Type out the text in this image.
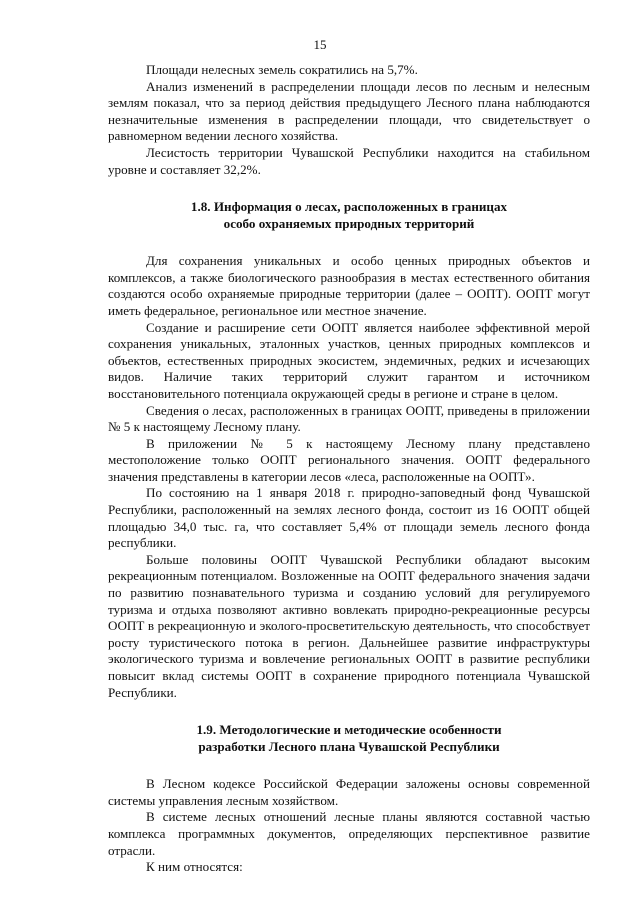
15

Площади нелесных земель сократились на 5,7%.

Анализ изменений в распределении площади лесов по лесным и нелесным землям показал, что за период действия предыдущего Лесного плана наблюдаются незначительные изменения в распределении площади, что свидетельствует о равномерном ведении лесного хозяйства.

Лесистость территории Чувашской Республики находится на стабильном уровне и составляет 32,2%.

1.8. Информация о лесах, расположенных в границах
особо охраняемых природных территорий

Для сохранения уникальных и особо ценных природных объектов и комплексов, а также биологического разнообразия в местах естественного обитания создаются особо охраняемые природные территории (далее – ООПТ). ООПТ могут иметь федеральное, региональное или местное значение.

Создание и расширение сети ООПТ является наиболее эффективной мерой сохранения уникальных, эталонных участков, ценных природных комплексов и объектов, естественных природных экосистем, эндемичных, редких и исчезающих видов. Наличие таких территорий служит гарантом и источником восстановительного потенциала окружающей среды в регионе и стране в целом.

Сведения о лесах, расположенных в границах ООПТ, приведены в приложении № 5 к настоящему Лесному плану.

В приложении № 5 к настоящему Лесному плану представлено местоположение только ООПТ регионального значения. ООПТ федерального значения представлены в категории лесов «леса, расположенные на ООПТ».

По состоянию на 1 января 2018 г. природно-заповедный фонд Чувашской Республики, расположенный на землях лесного фонда, состоит из 16 ООПТ общей площадью 34,0 тыс. га, что составляет 5,4% от площади земель лесного фонда республики.

Больше половины ООПТ Чувашской Республики обладают высоким рекреационным потенциалом. Возложенные на ООПТ федерального значения задачи по развитию познавательного туризма и созданию условий для регулируемого туризма и отдыха позволяют активно вовлекать природно-рекреационные ресурсы ООПТ в рекреационную и эколого-просветительскую деятельность, что способствует росту туристического потока в регион. Дальнейшее развитие инфраструктуры экологического туризма и вовлечение региональных ООПТ в развитие республики повысит вклад системы ООПТ в сохранение природного потенциала Чувашской Республики.

1.9. Методологические и методические особенности
разработки Лесного плана Чувашской Республики

В Лесном кодексе Российской Федерации заложены основы современной системы управления лесным хозяйством.

В системе лесных отношений лесные планы являются составной частью комплекса программных документов, определяющих перспективное развитие отрасли.

К ним относятся:
